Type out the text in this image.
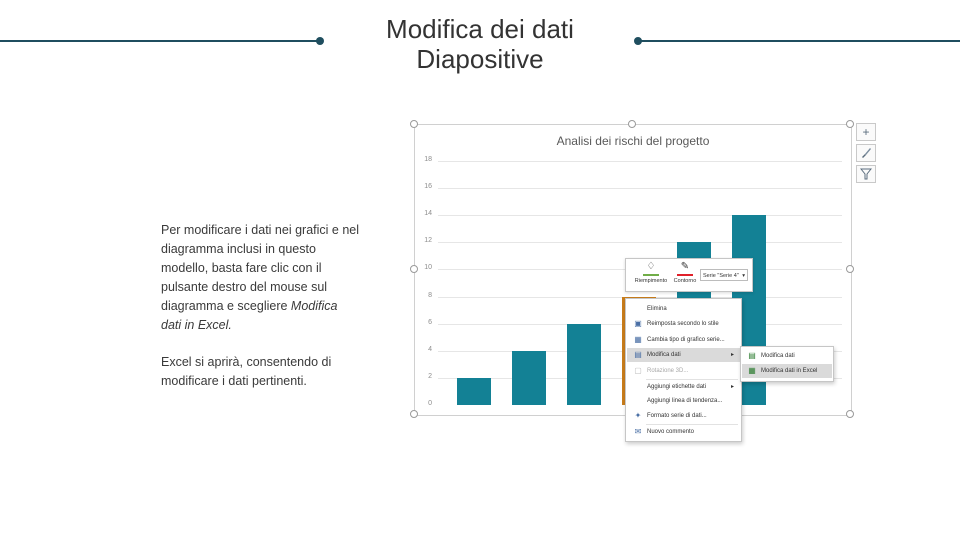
Modifica dei dati
Diapositive

Per modificare i dati nei grafici e nel diagramma inclusi in questo modello, basta fare clic con il pulsante destro del mouse sul diagramma e scegliere Modifica dati in Excel.

Excel si aprirà, consentendo di modificare i dati pertinenti.

Analisi dei rischi del progetto
0
2
4
6
8
10
12
14
16
18
+
♢
Riempimento
✎
Contorno
Serie "Serie 4" ▾
Elimina
▣ Reimposta secondo lo stile
▦ Cambia tipo di grafico serie...
▤ Modifica dati	▸
▢ Rotazione 3D...
Aggiungi etichette dati	▸
Aggiungi linea di tendenza...
✦ Formato serie di dati...
✉ Nuovo commento
▤ Modifica dati
▦ Modifica dati in Excel
